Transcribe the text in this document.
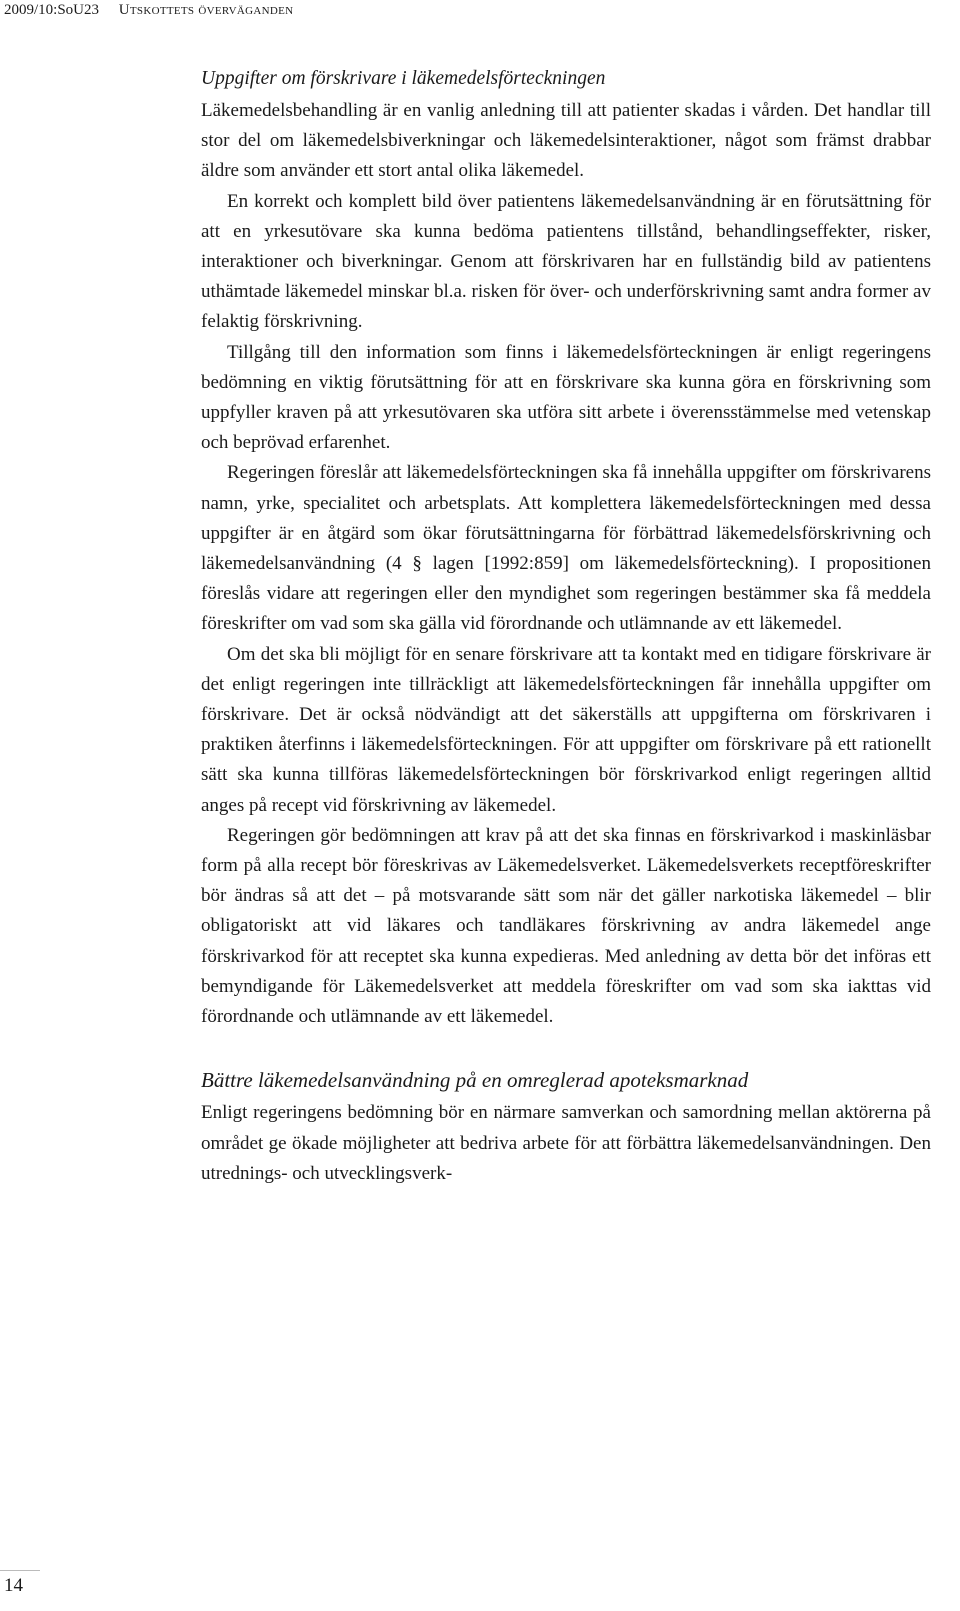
2009/10:SoU23 Utskottets överväganden
Uppgifter om förskrivare i läkemedelsförteckningen

Läkemedelsbehandling är en vanlig anledning till att patienter skadas i vården. Det handlar till stor del om läkemedelsbiverkningar och läkemedelsinteraktioner, något som främst drabbar äldre som använder ett stort antal olika läkemedel.

En korrekt och komplett bild över patientens läkemedelsanvändning är en förutsättning för att en yrkesutövare ska kunna bedöma patientens tillstånd, behandlingseffekter, risker, interaktioner och biverkningar. Genom att förskrivaren har en fullständig bild av patientens uthämtade läkemedel minskar bl.a. risken för över- och underförskrivning samt andra former av felaktig förskrivning.

Tillgång till den information som finns i läkemedelsförteckningen är enligt regeringens bedömning en viktig förutsättning för att en förskrivare ska kunna göra en förskrivning som uppfyller kraven på att yrkesutövaren ska utföra sitt arbete i överensstämmelse med vetenskap och beprövad erfarenhet.

Regeringen föreslår att läkemedelsförteckningen ska få innehålla uppgifter om förskrivarens namn, yrke, specialitet och arbetsplats. Att komplettera läkemedelsförteckningen med dessa uppgifter är en åtgärd som ökar förutsättningarna för förbättrad läkemedelsförskrivning och läkemedelsanvändning (4 § lagen [1992:859] om läkemedelsförteckning). I propositionen föreslås vidare att regeringen eller den myndighet som regeringen bestämmer ska få meddela föreskrifter om vad som ska gälla vid förordnande och utlämnande av ett läkemedel.

Om det ska bli möjligt för en senare förskrivare att ta kontakt med en tidigare förskrivare är det enligt regeringen inte tillräckligt att läkemedelsförteckningen får innehålla uppgifter om förskrivare. Det är också nödvändigt att det säkerställs att uppgifterna om förskrivaren i praktiken återfinns i läkemedelsförteckningen. För att uppgifter om förskrivare på ett rationellt sätt ska kunna tillföras läkemedelsförteckningen bör förskrivarkod enligt regeringen alltid anges på recept vid förskrivning av läkemedel.

Regeringen gör bedömningen att krav på att det ska finnas en förskrivarkod i maskinläsbar form på alla recept bör föreskrivas av Läkemedelsverket. Läkemedelsverkets receptföreskrifter bör ändras så att det – på motsvarande sätt som när det gäller narkotiska läkemedel – blir obligatoriskt att vid läkares och tandläkares förskrivning av andra läkemedel ange förskrivarkod för att receptet ska kunna expedieras. Med anledning av detta bör det införas ett bemyndigande för Läkemedelsverket att meddela föreskrifter om vad som ska iakttas vid förordnande och utlämnande av ett läkemedel.

Bättre läkemedelsanvändning på en omreglerad apoteksmarknad

Enligt regeringens bedömning bör en närmare samverkan och samordning mellan aktörerna på området ge ökade möjligheter att bedriva arbete för att förbättra läkemedelsanvändningen. Den utrednings- och utvecklingsverk-

14
